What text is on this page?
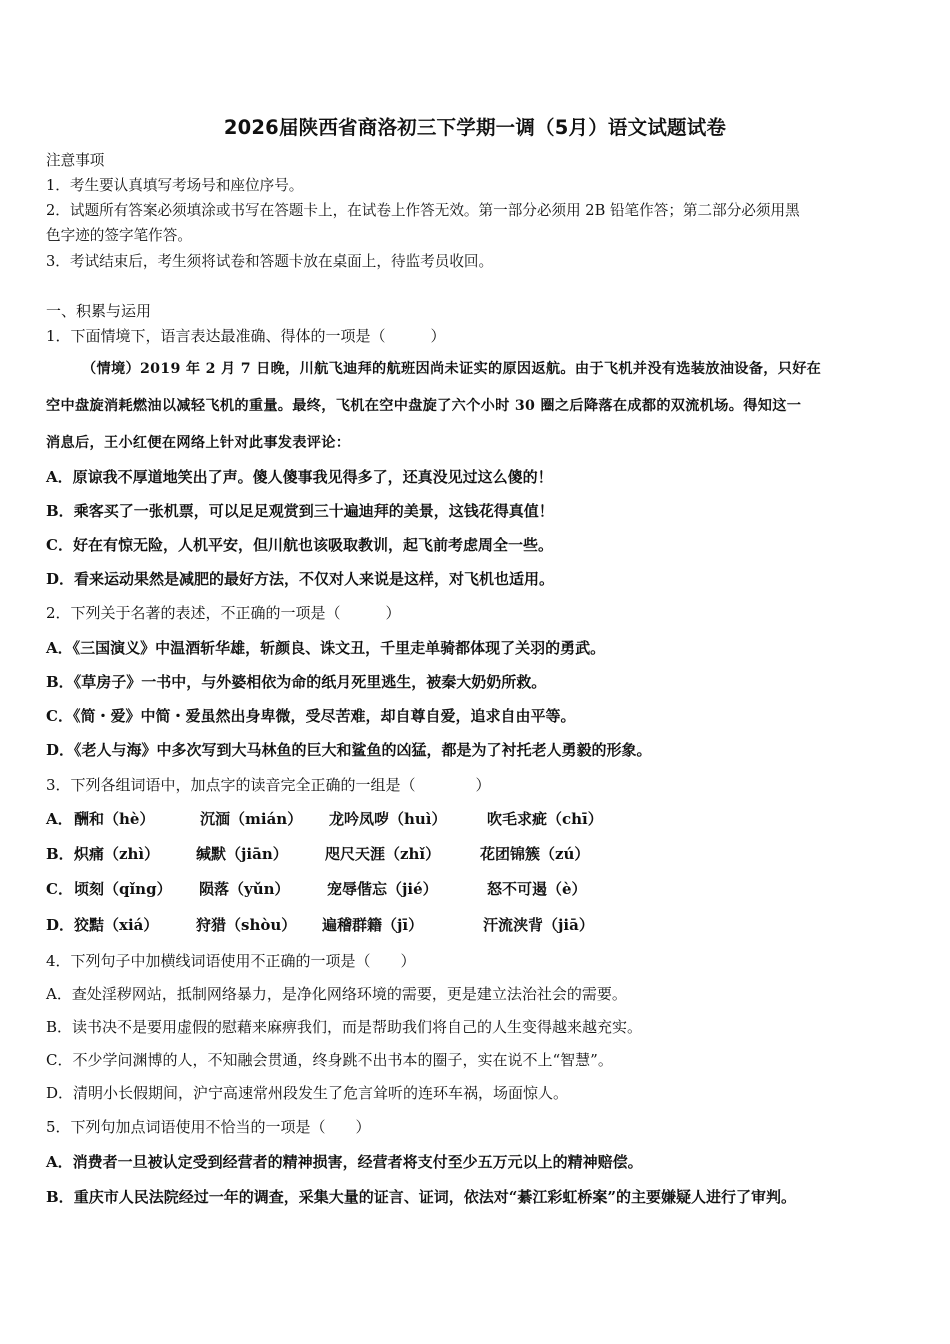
2026届陕西省商洛初三下学期一调（5月）语文试题试卷
注意事项
1．考生要认真填写考场号和座位序号。
2．试题所有答案必须填涂或书写在答题卡上，在试卷上作答无效。第一部分必须用 2B 铅笔作答；第二部分必须用黑
色字迹的签字笔作答。
3．考试结束后，考生须将试卷和答题卡放在桌面上，待监考员收回。
一、积累与运用
1．下面情境下，语言表达最准确、得体的一项是（　　　）
（情境）2019 年 2 月 7 日晚，川航飞迪拜的航班因尚未证实的原因返航。由于飞机并没有选装放油设备，只好在
空中盘旋消耗燃油以减轻飞机的重量。最终，飞机在空中盘旋了六个小时 30 圈之后降落在成都的双流机场。得知这一
消息后，王小红便在网络上针对此事发表评论：
A．原谅我不厚道地笑出了声。傻人傻事我见得多了，还真没见过这么傻的！
B．乘客买了一张机票，可以足足观赏到三十遍迪拜的美景，这钱花得真值！
C．好在有惊无险，人机平安，但川航也该吸取教训，起飞前考虑周全一些。
D．看来运动果然是减肥的最好方法，不仅对人来说是这样，对飞机也适用。
2．下列关于名著的表述，不正确的一项是（　　　）
A．《三国演义》中温酒斩华雄，斩颜良、诛文丑，千里走单骑都体现了关羽的勇武。
B．《草房子》一书中，与外婆相依为命的纸月死里逃生，被秦大奶奶所救。
C．《简・爱》中简・爱虽然出身卑微，受尽苦难，却自尊自爱，追求自由平等。
D．《老人与海》中多次写到大马林鱼的巨大和鲨鱼的凶猛，都是为了衬托老人勇毅的形象。
3．下列各组词语中，加点字的读音完全正确的一组是（　　　　）
A． 酬和（hè）	沉湎（mián） 龙吟凤哕（huì）	吹毛求疵（chī）
B． 炽痛（zhì） 缄默（jiān） 咫尺天涯（zhǐ）	花团锦簇（zú）
C． 顷刻（qǐng） 陨落（yǔn） 宠辱偕忘（jié）	怒不可遏（è）
D． 狡黠（xiá）	狩猎（shòu） 遍稽群籍（jī）	汗流浃背（jiā）
4．下列句子中加横线词语使用不正确的一项是（　　）
A．查处淫秽网站，抵制网络暴力，是净化网络环境的需要，更是建立法治社会的需要。
B．读书决不是要用虚假的慰藉来麻痹我们，而是帮助我们将自己的人生变得越来越充实。
C．不少学问渊博的人，不知融会贯通，终身跳不出书本的圈子，实在说不上“智慧”。
D．清明小长假期间，沪宁高速常州段发生了危言耸听的连环车祸，场面惊人。
5．下列句加点词语使用不恰当的一项是（　　）
A．消费者一旦被认定受到经营者的精神损害，经营者将支付至少五万元以上的精神赔偿。
B．重庆市人民法院经过一年的调查，采集大量的证言、证词，依法对“綦江彩虹桥案”的主要嫌疑人进行了审判。
